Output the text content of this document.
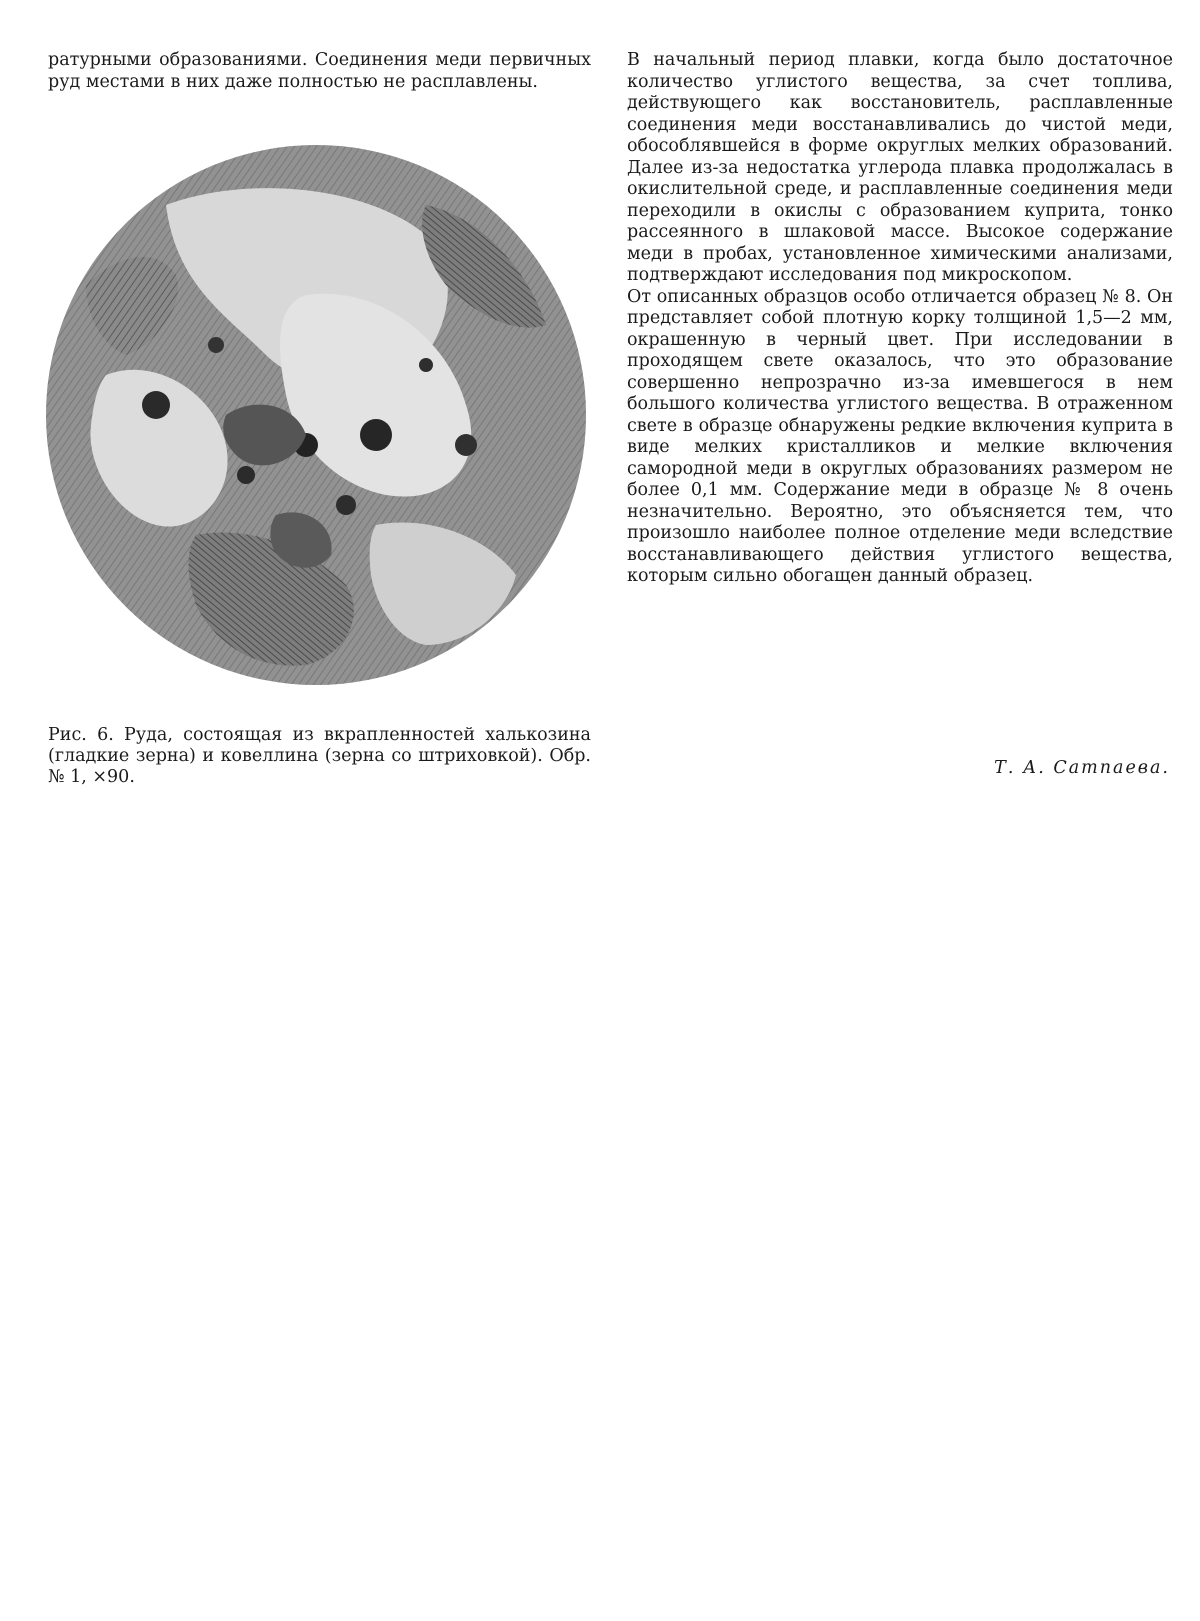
ратурными образованиями. Соединения меди первичных руд местами в них даже полностью не расплавлены.

Рис. 6. Руда, состоящая из вкрапленностей халькозина (гладкие зерна) и ковеллина (зерна со штриховкой). Обр. № 1, ×90.

В начальный период плавки, когда было достаточное количество углистого вещества, за счет топлива, действующего как восстановитель, расплавленные соединения меди восстанавливались до чистой меди, обособлявшейся в форме округлых мелких образований. Далее из-за недостатка углерода плавка продолжалась в окислительной среде, и расплавленные соединения меди переходили в окислы с образованием куприта, тонко рассеянного в шлаковой массе. Высокое содержание меди в пробах, установленное химическими анализами, подтверждают исследования под микроскопом.

От описанных образцов особо отличается образец № 8. Он представляет собой плотную корку толщиной 1,5—2 мм, окрашенную в черный цвет. При исследовании в проходящем свете оказалось, что это образование совершенно непрозрачно из-за имевшегося в нем большого количества углистого вещества. В отраженном свете в образце обнаружены редкие включения куприта в виде мелких кристалликов и мелкие включения самородной меди в округлых образованиях размером не более 0,1 мм. Содержание меди в образце № 8 очень незначительно. Вероятно, это объясняется тем, что произошло наиболее полное отделение меди вследствие восстанавливающего действия углистого вещества, которым сильно обогащен данный образец.

Т. А. Сатпаева.
